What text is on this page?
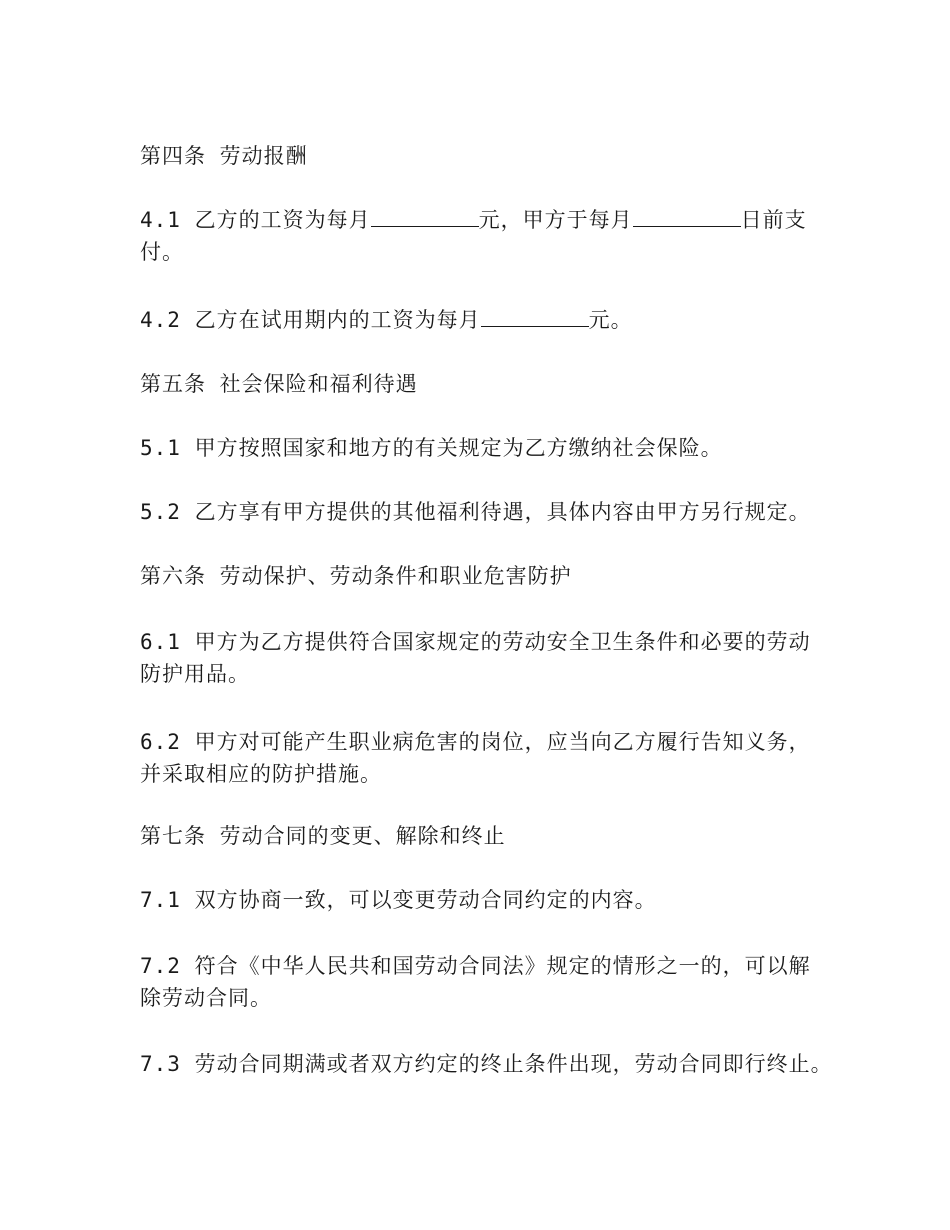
第四条 劳动报酬
4.1 乙方的工资为每月	元，甲方于每月	日前支
付。
4.2 乙方在试用期内的工资为每月	元。
第五条 社会保险和福利待遇
5.1 甲方按照国家和地方的有关规定为乙方缴纳社会保险。
5.2 乙方享有甲方提供的其他福利待遇，具体内容由甲方另行规定。
第六条 劳动保护、劳动条件和职业危害防护
6.1 甲方为乙方提供符合国家规定的劳动安全卫生条件和必要的劳动
防护用品。
6.2 甲方对可能产生职业病危害的岗位，应当向乙方履行告知义务，
并采取相应的防护措施。
第七条 劳动合同的变更、解除和终止
7.1 双方协商一致，可以变更劳动合同约定的内容。
7.2 符合《中华人民共和国劳动合同法》规定的情形之一的，可以解
除劳动合同。
7.3 劳动合同期满或者双方约定的终止条件出现，劳动合同即行终止。
